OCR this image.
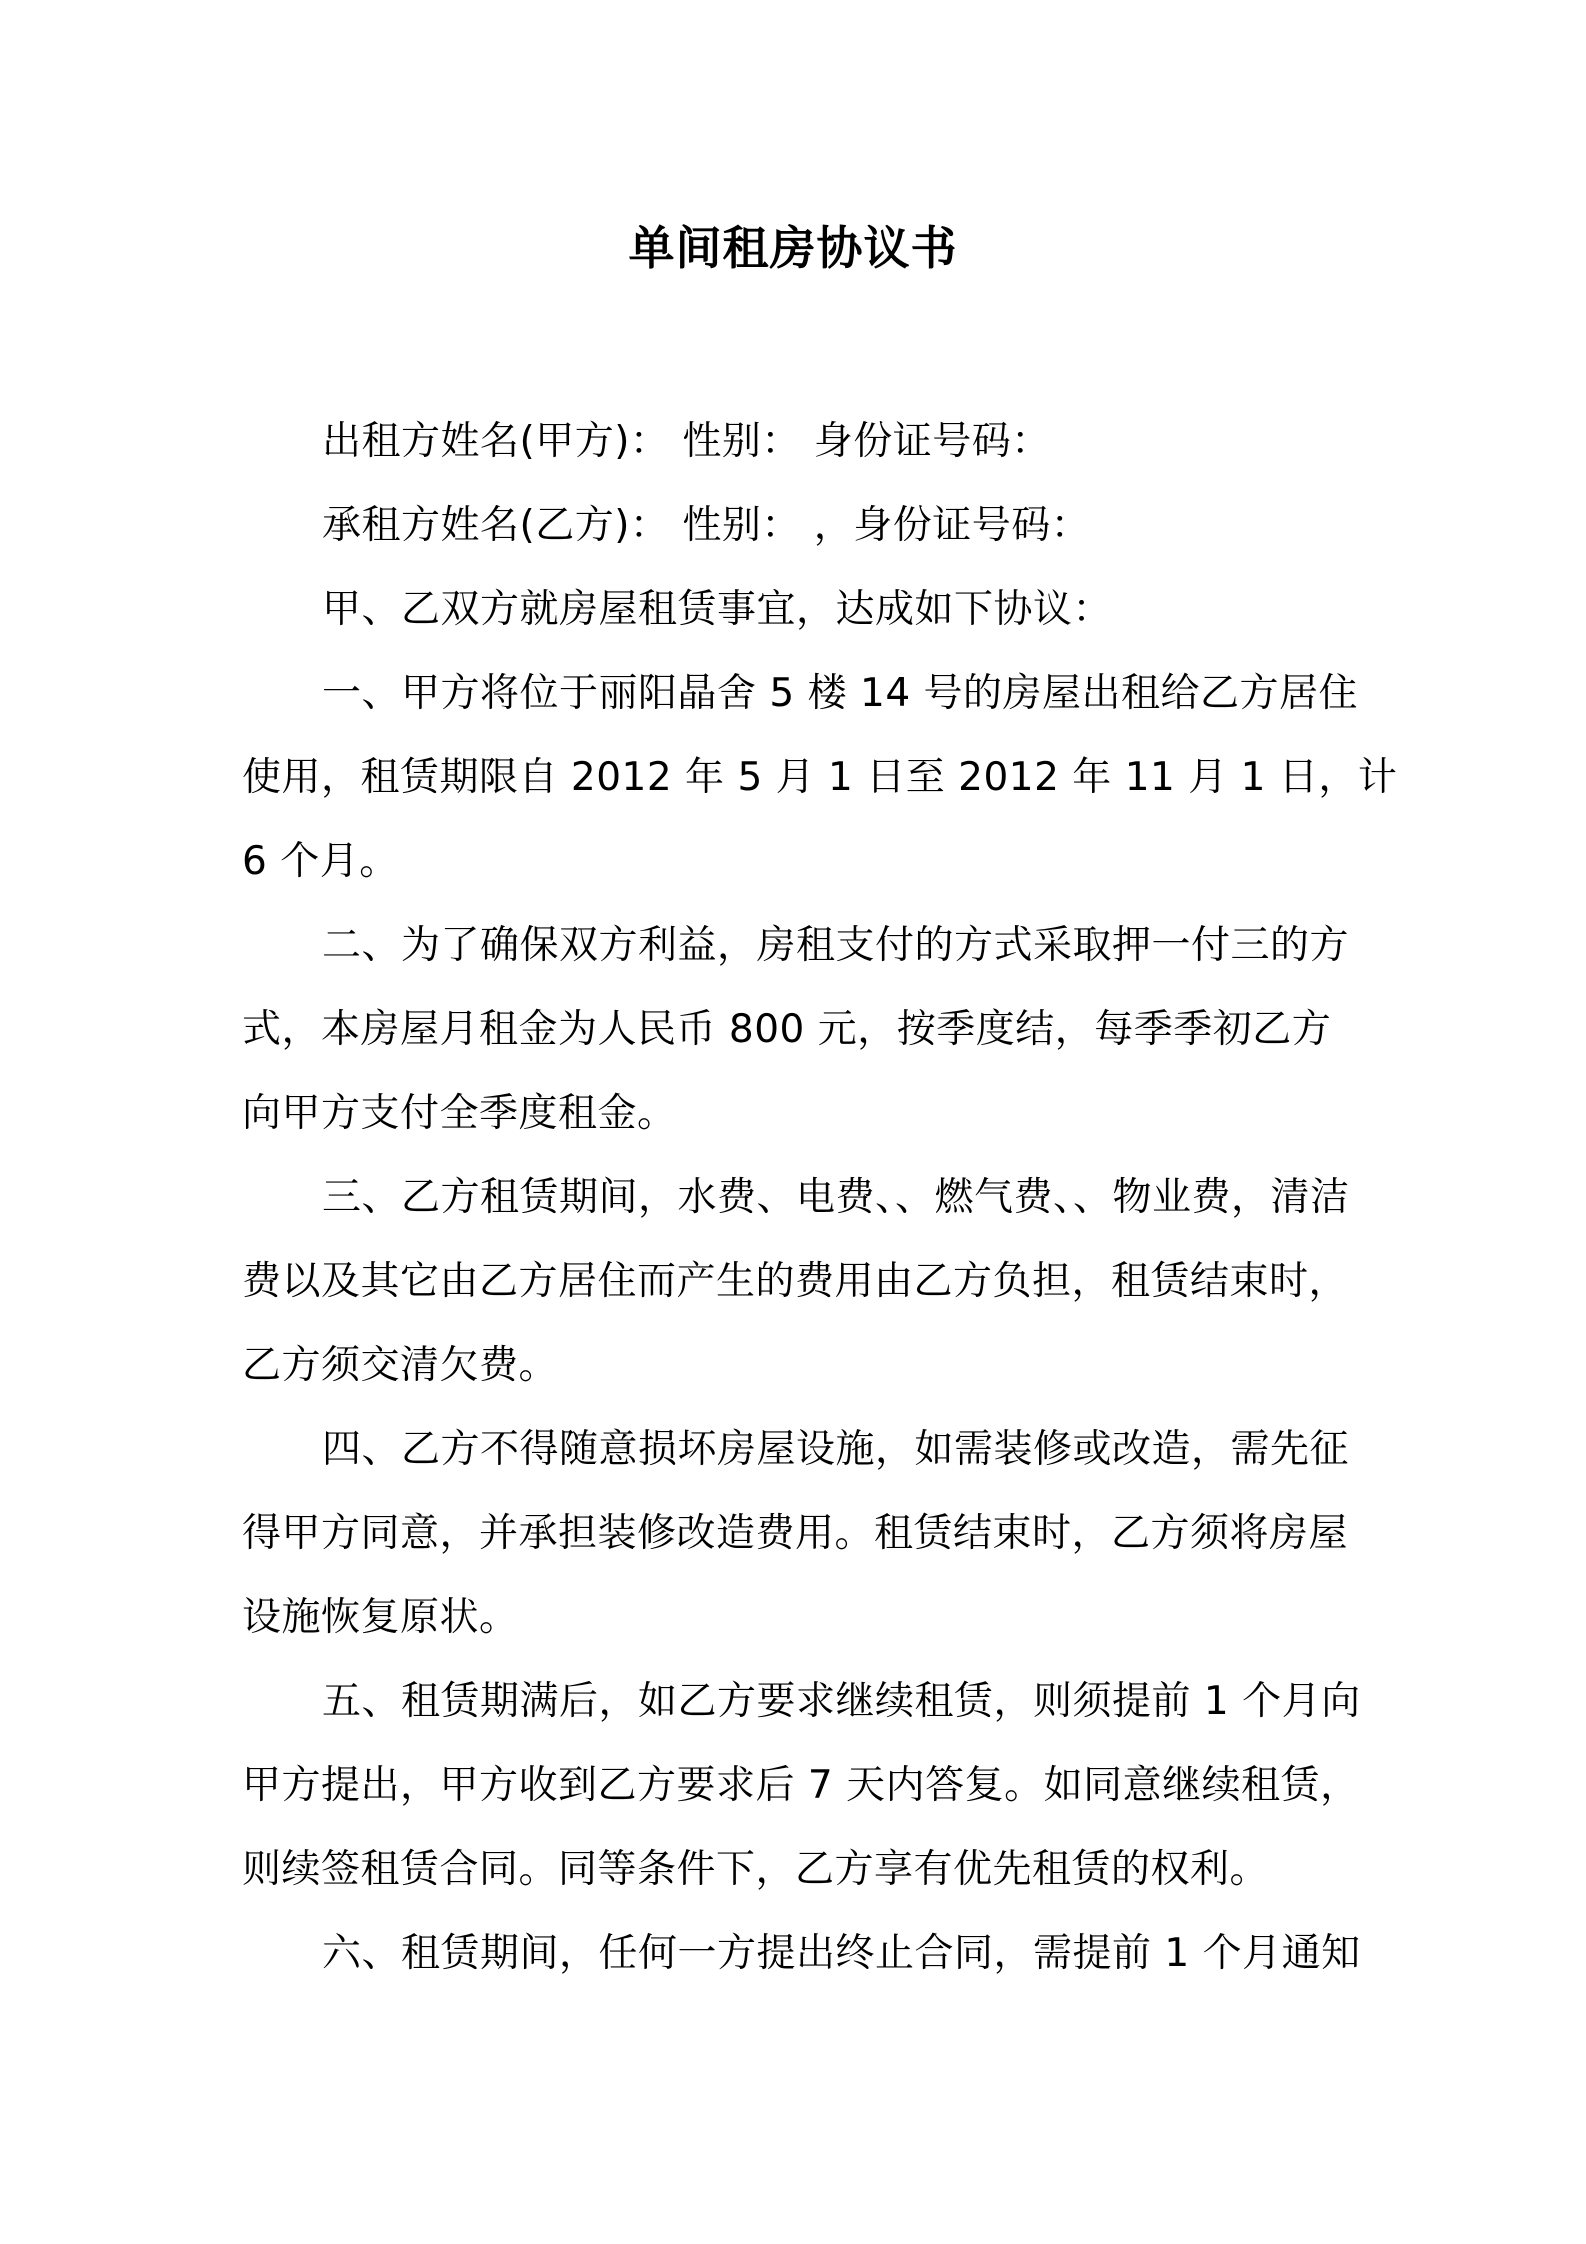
单间租房协议书
出租方姓名(甲方)： 性别： 身份证号码：
承租方姓名(乙方)： 性别： ，身份证号码：
甲、乙双方就房屋租赁事宜，达成如下协议：
一、甲方将位于丽阳晶舍 5 楼 14 号的房屋出租给乙方居住
使用，租赁期限自 2012 年 5 月 1 日至 2012 年 11 月 1 日，计
6 个月。
二、为了确保双方利益，房租支付的方式采取押一付三的方
式，本房屋月租金为人民币 800 元，按季度结，每季季初乙方
向甲方支付全季度租金。
三、乙方租赁期间，水费、电费、、燃气费、、物业费，清洁
费以及其它由乙方居住而产生的费用由乙方负担，租赁结束时，
乙方须交清欠费。
四、乙方不得随意损坏房屋设施，如需装修或改造，需先征
得甲方同意，并承担装修改造费用。租赁结束时，乙方须将房屋
设施恢复原状。
五、租赁期满后，如乙方要求继续租赁，则须提前 1 个月向
甲方提出，甲方收到乙方要求后 7 天内答复。如同意继续租赁，
则续签租赁合同。同等条件下，乙方享有优先租赁的权利。
六、租赁期间，任何一方提出终止合同，需提前 1 个月通知
